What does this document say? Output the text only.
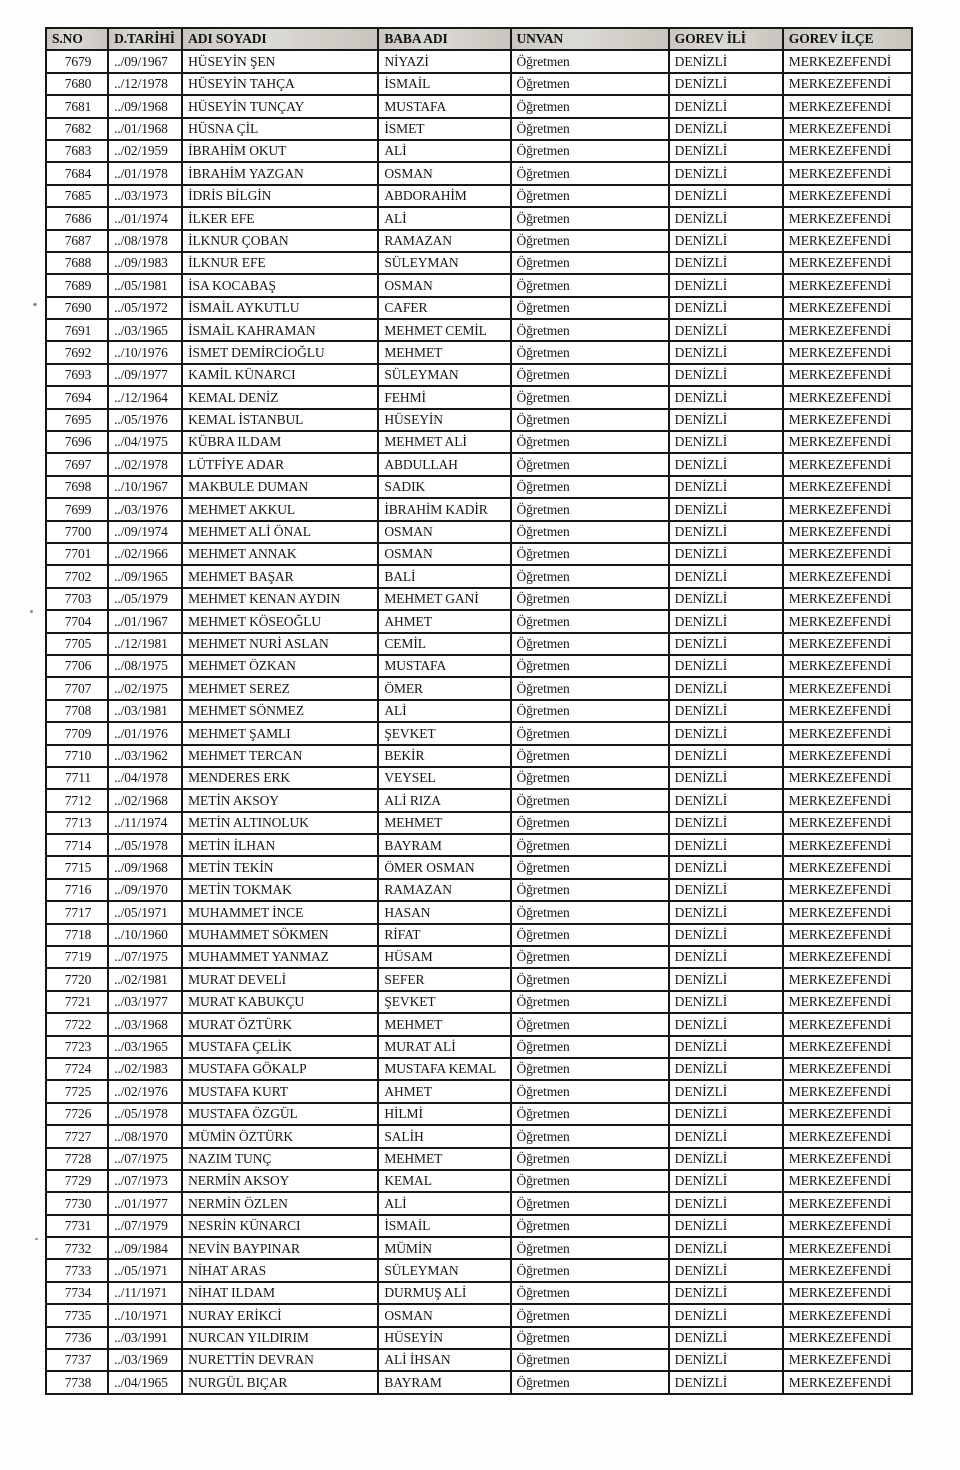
S.NO	D.TARİHİ	ADI SOYADI	BABA ADI	UNVAN	GOREV İLİ	GOREV İLÇE
7679	../09/1967	HÜSEYİN ŞEN	NİYAZİ	Öğretmen	DENİZLİ	MERKEZEFENDİ
7680	../12/1978	HÜSEYİN TAHÇA	İSMAİL	Öğretmen	DENİZLİ	MERKEZEFENDİ
7681	../09/1968	HÜSEYİN TUNÇAY	MUSTAFA	Öğretmen	DENİZLİ	MERKEZEFENDİ
7682	../01/1968	HÜSNA ÇİL	İSMET	Öğretmen	DENİZLİ	MERKEZEFENDİ
7683	../02/1959	İBRAHİM OKUT	ALİ	Öğretmen	DENİZLİ	MERKEZEFENDİ
7684	../01/1978	İBRAHİM YAZGAN	OSMAN	Öğretmen	DENİZLİ	MERKEZEFENDİ
7685	../03/1973	İDRİS BİLGİN	ABDORAHİM	Öğretmen	DENİZLİ	MERKEZEFENDİ
7686	../01/1974	İLKER EFE	ALİ	Öğretmen	DENİZLİ	MERKEZEFENDİ
7687	../08/1978	İLKNUR ÇOBAN	RAMAZAN	Öğretmen	DENİZLİ	MERKEZEFENDİ
7688	../09/1983	İLKNUR EFE	SÜLEYMAN	Öğretmen	DENİZLİ	MERKEZEFENDİ
7689	../05/1981	İSA KOCABAŞ	OSMAN	Öğretmen	DENİZLİ	MERKEZEFENDİ
7690	../05/1972	İSMAİL AYKUTLU	CAFER	Öğretmen	DENİZLİ	MERKEZEFENDİ
7691	../03/1965	İSMAİL KAHRAMAN	MEHMET CEMİL	Öğretmen	DENİZLİ	MERKEZEFENDİ
7692	../10/1976	İSMET DEMİRCİOĞLU	MEHMET	Öğretmen	DENİZLİ	MERKEZEFENDİ
7693	../09/1977	KAMİL KÜNARCI	SÜLEYMAN	Öğretmen	DENİZLİ	MERKEZEFENDİ
7694	../12/1964	KEMAL DENİZ	FEHMİ	Öğretmen	DENİZLİ	MERKEZEFENDİ
7695	../05/1976	KEMAL İSTANBUL	HÜSEYİN	Öğretmen	DENİZLİ	MERKEZEFENDİ
7696	../04/1975	KÜBRA ILDAM	MEHMET ALİ	Öğretmen	DENİZLİ	MERKEZEFENDİ
7697	../02/1978	LÜTFİYE ADAR	ABDULLAH	Öğretmen	DENİZLİ	MERKEZEFENDİ
7698	../10/1967	MAKBULE DUMAN	SADIK	Öğretmen	DENİZLİ	MERKEZEFENDİ
7699	../03/1976	MEHMET AKKUL	İBRAHİM KADİR	Öğretmen	DENİZLİ	MERKEZEFENDİ
7700	../09/1974	MEHMET ALİ ÖNAL	OSMAN	Öğretmen	DENİZLİ	MERKEZEFENDİ
7701	../02/1966	MEHMET ANNAK	OSMAN	Öğretmen	DENİZLİ	MERKEZEFENDİ
7702	../09/1965	MEHMET BAŞAR	BALİ	Öğretmen	DENİZLİ	MERKEZEFENDİ
7703	../05/1979	MEHMET KENAN AYDIN	MEHMET GANİ	Öğretmen	DENİZLİ	MERKEZEFENDİ
7704	../01/1967	MEHMET KÖSEOĞLU	AHMET	Öğretmen	DENİZLİ	MERKEZEFENDİ
7705	../12/1981	MEHMET NURİ ASLAN	CEMİL	Öğretmen	DENİZLİ	MERKEZEFENDİ
7706	../08/1975	MEHMET ÖZKAN	MUSTAFA	Öğretmen	DENİZLİ	MERKEZEFENDİ
7707	../02/1975	MEHMET SEREZ	ÖMER	Öğretmen	DENİZLİ	MERKEZEFENDİ
7708	../03/1981	MEHMET SÖNMEZ	ALİ	Öğretmen	DENİZLİ	MERKEZEFENDİ
7709	../01/1976	MEHMET ŞAMLI	ŞEVKET	Öğretmen	DENİZLİ	MERKEZEFENDİ
7710	../03/1962	MEHMET TERCAN	BEKİR	Öğretmen	DENİZLİ	MERKEZEFENDİ
7711	../04/1978	MENDERES ERK	VEYSEL	Öğretmen	DENİZLİ	MERKEZEFENDİ
7712	../02/1968	METİN AKSOY	ALİ RIZA	Öğretmen	DENİZLİ	MERKEZEFENDİ
7713	../11/1974	METİN ALTINOLUK	MEHMET	Öğretmen	DENİZLİ	MERKEZEFENDİ
7714	../05/1978	METİN İLHAN	BAYRAM	Öğretmen	DENİZLİ	MERKEZEFENDİ
7715	../09/1968	METİN TEKİN	ÖMER OSMAN	Öğretmen	DENİZLİ	MERKEZEFENDİ
7716	../09/1970	METİN TOKMAK	RAMAZAN	Öğretmen	DENİZLİ	MERKEZEFENDİ
7717	../05/1971	MUHAMMET İNCE	HASAN	Öğretmen	DENİZLİ	MERKEZEFENDİ
7718	../10/1960	MUHAMMET SÖKMEN	RİFAT	Öğretmen	DENİZLİ	MERKEZEFENDİ
7719	../07/1975	MUHAMMET YANMAZ	HÜSAM	Öğretmen	DENİZLİ	MERKEZEFENDİ
7720	../02/1981	MURAT DEVELİ	SEFER	Öğretmen	DENİZLİ	MERKEZEFENDİ
7721	../03/1977	MURAT KABUKÇU	ŞEVKET	Öğretmen	DENİZLİ	MERKEZEFENDİ
7722	../03/1968	MURAT ÖZTÜRK	MEHMET	Öğretmen	DENİZLİ	MERKEZEFENDİ
7723	../03/1965	MUSTAFA ÇELİK	MURAT ALİ	Öğretmen	DENİZLİ	MERKEZEFENDİ
7724	../02/1983	MUSTAFA GÖKALP	MUSTAFA KEMAL	Öğretmen	DENİZLİ	MERKEZEFENDİ
7725	../02/1976	MUSTAFA KURT	AHMET	Öğretmen	DENİZLİ	MERKEZEFENDİ
7726	../05/1978	MUSTAFA ÖZGÜL	HİLMİ	Öğretmen	DENİZLİ	MERKEZEFENDİ
7727	../08/1970	MÜMİN ÖZTÜRK	SALİH	Öğretmen	DENİZLİ	MERKEZEFENDİ
7728	../07/1975	NAZIM TUNÇ	MEHMET	Öğretmen	DENİZLİ	MERKEZEFENDİ
7729	../07/1973	NERMİN AKSOY	KEMAL	Öğretmen	DENİZLİ	MERKEZEFENDİ
7730	../01/1977	NERMİN ÖZLEN	ALİ	Öğretmen	DENİZLİ	MERKEZEFENDİ
7731	../07/1979	NESRİN KÜNARCI	İSMAİL	Öğretmen	DENİZLİ	MERKEZEFENDİ
7732	../09/1984	NEVİN BAYPINAR	MÜMİN	Öğretmen	DENİZLİ	MERKEZEFENDİ
7733	../05/1971	NİHAT ARAS	SÜLEYMAN	Öğretmen	DENİZLİ	MERKEZEFENDİ
7734	../11/1971	NİHAT ILDAM	DURMUŞ ALİ	Öğretmen	DENİZLİ	MERKEZEFENDİ
7735	../10/1971	NURAY ERİKCİ	OSMAN	Öğretmen	DENİZLİ	MERKEZEFENDİ
7736	../03/1991	NURCAN YILDIRIM	HÜSEYİN	Öğretmen	DENİZLİ	MERKEZEFENDİ
7737	../03/1969	NURETTİN DEVRAN	ALİ İHSAN	Öğretmen	DENİZLİ	MERKEZEFENDİ
7738	../04/1965	NURGÜL BIÇAR	BAYRAM	Öğretmen	DENİZLİ	MERKEZEFENDİ
